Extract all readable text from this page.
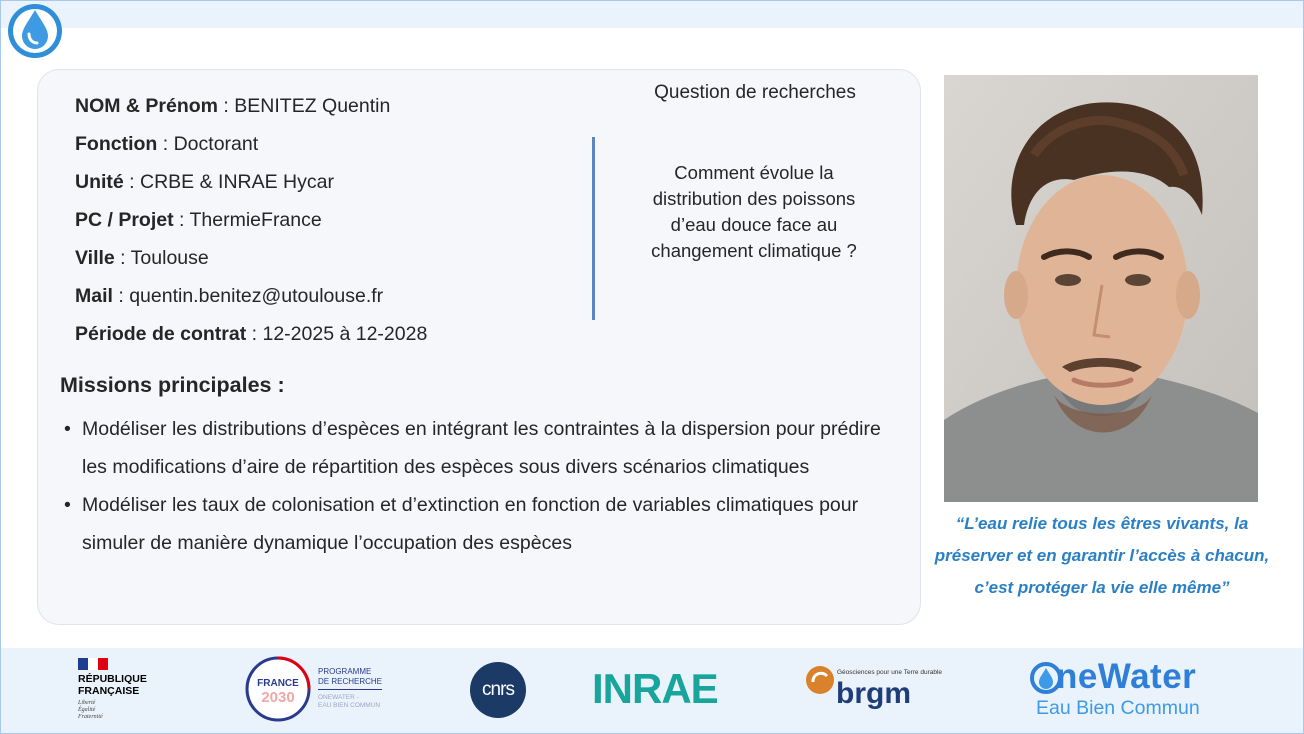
NOM & Prénom : BENITEZ Quentin
Fonction : Doctorant
Unité : CRBE & INRAE Hycar
PC / Projet : ThermieFrance
Ville : Toulouse
Mail : quentin.benitez@utoulouse.fr
Période de contrat : 12-2025 à 12-2028
Question de recherches
Comment évolue la distribution des poissons d’eau douce face au changement climatique ?
Missions principales :
• Modéliser les distributions d’espèces en intégrant les contraintes à la dispersion pour prédire les modifications d’aire de répartition des espèces sous divers scénarios climatiques
• Modéliser les taux de colonisation et d’extinction en fonction de variables climatiques pour simuler de manière dynamique l’occupation des espèces
“L’eau relie tous les êtres vivants, la préserver et en garantir l’accès à chacun, c’est protéger la vie elle même”
RÉPUBLIQUE
FRANÇAISE
Liberté
Égalité
Fraternité
FRANCE
2030
PROGRAMME
DE RECHERCHE
ONEWATER -
EAU BIEN COMMUN
cnrs INRAE	Géosciences pour une Terre durable
brgm	neWater
Eau Bien Commun
